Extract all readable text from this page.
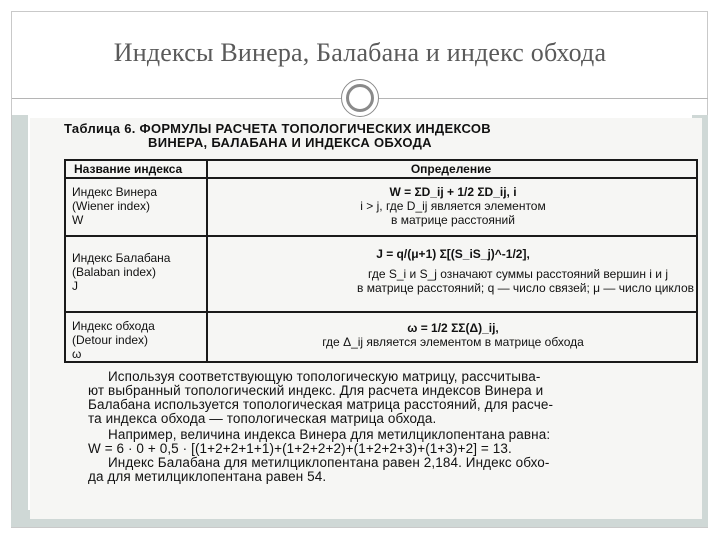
Индексы Винера, Балабана и индекс обхода
Таблица 6. ФОРМУЛЫ РАСЧЕТА ТОПОЛОГИЧЕСКИХ ИНДЕКСОВ
ВИНЕРА, БАЛАБАНА И ИНДЕКСА ОБХОДА
Название индекса	Определение
Индекс Винера
(Wiener index)
W
W = ΣD_ij + 1/2 ΣD_ij, i
i > j, где D_ij является элементом
в матрице расстояний
Индекс Балабана
(Balaban index)
J
J = q/(μ+1) Σ[(S_iS_j)^-1/2],
где S_i и S_j означают суммы расстояний вершин i и j
в матрице расстояний; q — число связей; μ — число циклов
Индекс обхода
(Detour index)
ω
ω = 1/2 ΣΣ(Δ)_ij,
где Δ_ij является элементом в матрице обхода
Используя соответствующую топологическую матрицу, рассчитыва-
ют выбранный топологический индекс. Для расчета индексов Винера и
Балабана используется топологическая матрица расстояний, для расче-
та индекса обхода — топологическая матрица обхода.
Например, величина индекса Винера для метилциклопентана равна:
W = 6 · 0 + 0,5 · [(1+2+2+1+1)+(1+2+2+2)+(1+2+2+3)+(1+3)+2] = 13.
Индекс Балабана для метилциклопентана равен 2,184. Индекс обхо-
да для метилциклопентана равен 54.
